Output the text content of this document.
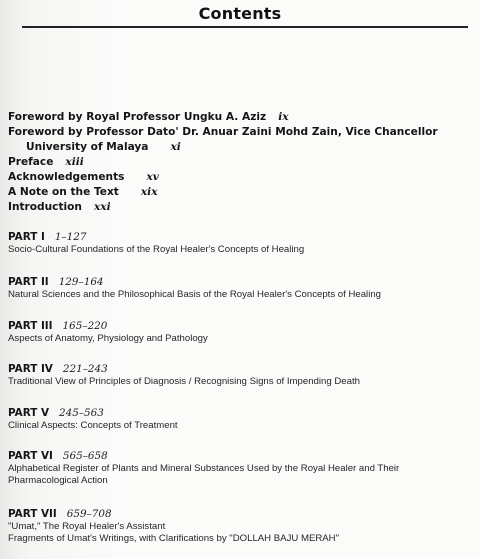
Contents
Foreword by Royal Professor Ungku A. Aziz ix
Foreword by Professor Dato' Dr. Anuar Zaini Mohd Zain, Vice Chancellor
University of Malaya xi
Preface xiii
Acknowledgements xv
A Note on the Text xix
Introduction xxi
PART I 1–127
Socio-Cultural Foundations of the Royal Healer's Concepts of Healing
PART II 129–164
Natural Sciences and the Philosophical Basis of the Royal Healer's Concepts of Healing
PART III 165–220
Aspects of Anatomy, Physiology and Pathology
PART IV 221–243
Traditional View of Principles of Diagnosis / Recognising Signs of Impending Death
PART V 245–563
Clinical Aspects: Concepts of Treatment
PART VI 565–658
Alphabetical Register of Plants and Mineral Substances Used by the Royal Healer and Their
Pharmacological Action
PART VII 659–708
"Umat," The Royal Healer's Assistant
Fragments of Umat's Writings, with Clarifications by "DOLLAH BAJU MERAH"
